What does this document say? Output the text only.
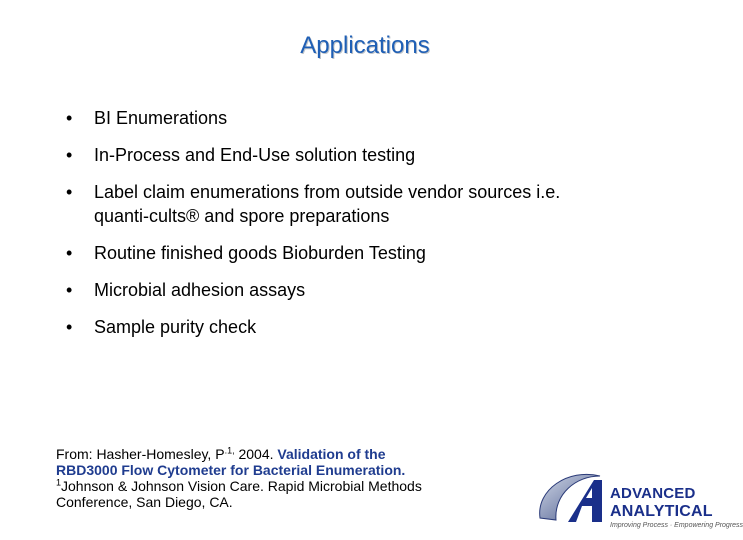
Applications
•	BI Enumerations
•	In-Process and End-Use solution testing
•	Label claim enumerations from outside vendor sources i.e.
quanti-cults® and spore preparations
•	Routine finished goods Bioburden Testing
•	Microbial adhesion assays
•	Sample purity check
From: Hasher-Homesley, $P^{.1,}$ 2004. Validation of the
RBD3000 Flow Cytometer for Bacterial Enumeration.
$^1$Johnson & Johnson Vision Care. Rapid Microbial Methods
Conference, San Diego, CA.	ADVANCED
ANALYTICAL
Improving Process · Empowering Progress
